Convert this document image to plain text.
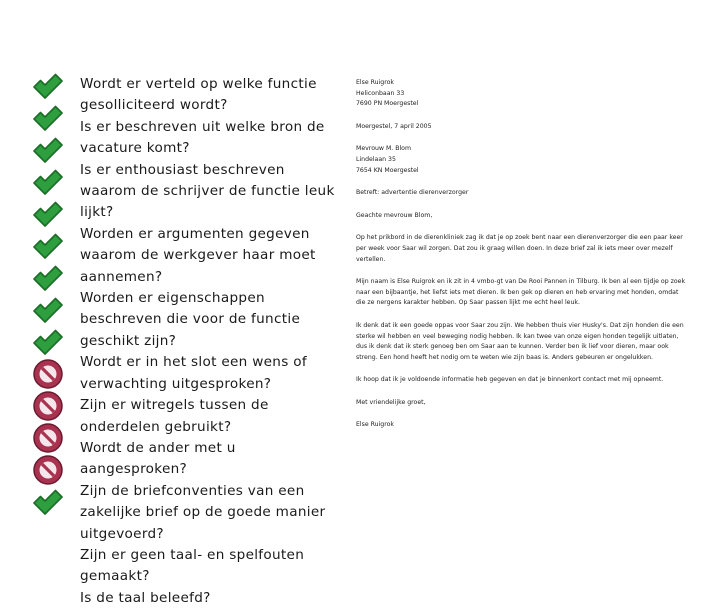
Wordt er verteld op welke functie gesolliciteerd wordt?
Is er beschreven uit welke bron de vacature komt?
Is er enthousiast beschreven waarom de schrijver de functie leuk lijkt?
Worden er argumenten gegeven waarom de werkgever haar moet aannemen?
Worden er eigenschappen beschreven die voor de functie geschikt zijn?
Wordt er in het slot een wens of verwachting uitgesproken?
Zijn er witregels tussen de onderdelen gebruikt?
Wordt de ander met u aangesproken?
Zijn de briefconventies van een zakelijke brief op de goede manier uitgevoerd?
Zijn er geen taal- en spelfouten gemaakt?
Is de taal beleefd?
Else Ruigrok
Heliconbaan 33
7690 PN Moergestel
Moergestel, 7 april 2005
Mevrouw M. Blom
Lindelaan 35
7654 KN Moergestel
Betreft: advertentie dierenverzorger
Geachte mevrouw Blom,
Op het prikbord in de dierenkliniek zag ik dat je op zoek bent naar een dierenverzorger die een paar keer per week voor Saar wil zorgen. Dat zou ik graag willen doen. In deze brief zal ik iets meer over mezelf vertellen.
Mijn naam is Else Ruigrok en ik zit in 4 vmbo-gt van De Rooi Pannen in Tilburg. Ik ben al een tijdje op zoek naar een bijbaantje, het liefst iets met dieren. Ik ben gek op dieren en heb ervaring met honden, omdat die ze nergens karakter hebben. Op Saar passen lijkt me echt heel leuk.
Ik denk dat ik een goede oppas voor Saar zou zijn. We hebben thuis vier Husky's. Dat zijn honden die een sterke wil hebben en veel beweging nodig hebben. Ik kan twee van onze eigen honden tegelijk uitlaten, dus ik denk dat ik sterk genoeg ben om Saar aan te kunnen. Verder ben ik lief voor dieren, maar ook streng. Een hond heeft het nodig om te weten wie zijn baas is. Anders gebeuren er ongelukken.
Ik hoop dat ik je voldoende informatie heb gegeven en dat je binnenkort contact met mij opneemt.
Met vriendelijke groet,
Else Ruigrok
